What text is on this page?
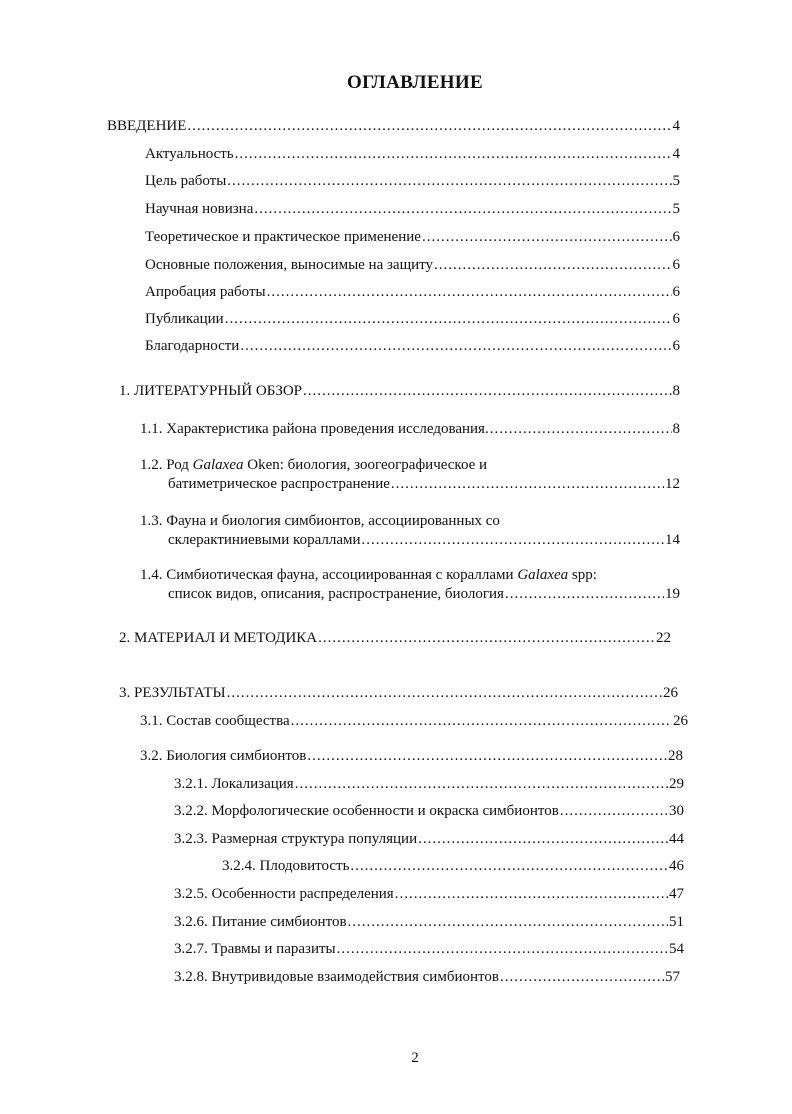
ОГЛАВЛЕНИЕ
ВВЕДЕНИЕ .....	4
Актуальность .....	4
Цель работы .....	5
Научная новизна .....	5
Теоретическое и практическое применение .....	6
Основные положения, выносимые на защиту .....	6
Апробация работы .....	6
Публикации .....	6
Благодарности .....	6
1. ЛИТЕРАТУРНЫЙ ОБЗОР .....	8
1.1. Характеристика района проведения исследования. .....	8
1.2. Род Galaxea Oken: биология, зоогеографическое и
батиметрическое распространение .....	12
1.3. Фауна и биология симбионтов, ассоциированных со
склерактиниевыми кораллами .....	14
1.4. Симбиотическая фауна, ассоциированная с кораллами Galaxea spp:
список видов, описания, распространение, биология .....	19
2. МАТЕРИАЛ И МЕТОДИКА .....	22
3. РЕЗУЛЬТАТЫ .....	26
3.1. Состав сообщества .....	26
3.2. Биология симбионтов .....	28
3.2.1. Локализация .....	29
3.2.2. Морфологические особенности и окраска симбионтов .....	30
3.2.3. Размерная структура популяции .....	44
3.2.4. Плодовитость .....	46
3.2.5. Особенности распределения .....	47
3.2.6. Питание симбионтов .....	51
3.2.7. Травмы и паразиты .....	54
3.2.8. Внутривидовые взаимодействия симбионтов .....	57
2
